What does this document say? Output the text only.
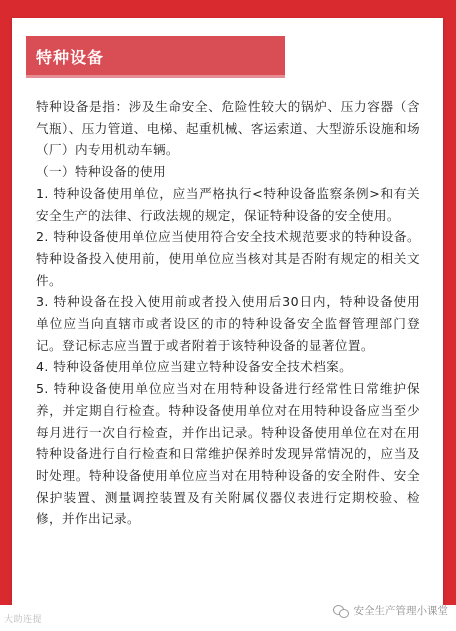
特种设备

特种设备是指：涉及生命安全、危险性较大的锅炉、压力容器（含气瓶）、压力管道、电梯、起重机械、客运索道、大型游乐设施和场（厂）内专用机动车辆。

（一）特种设备的使用

1. 特种设备使用单位，应当严格执行<特种设备监察条例>和有关安全生产的法律、行政法规的规定，保证特种设备的安全使用。

2. 特种设备使用单位应当使用符合安全技术规范要求的特种设备。特种设备投入使用前，使用单位应当核对其是否附有规定的相关文件。

3. 特种设备在投入使用前或者投入使用后30日内，特种设备使用单位应当向直辖市或者设区的市的特种设备安全监督管理部门登记。登记标志应当置于或者附着于该特种设备的显著位置。

4. 特种设备使用单位应当建立特种设备安全技术档案。

5. 特种设备使用单位应当对在用特种设备进行经常性日常维护保养，并定期自行检查。特种设备使用单位对在用特种设备应当至少每月进行一次自行检查，并作出记录。特种设备使用单位在对在用特种设备进行自行检查和日常维护保养时发现异常情况的，应当及时处理。特种设备使用单位应当对在用特种设备的安全附件、安全保护装置、测量调控装置及有关附属仪器仪表进行定期校验、检修，并作出记录。

大助连提
安全生产管理小课堂
